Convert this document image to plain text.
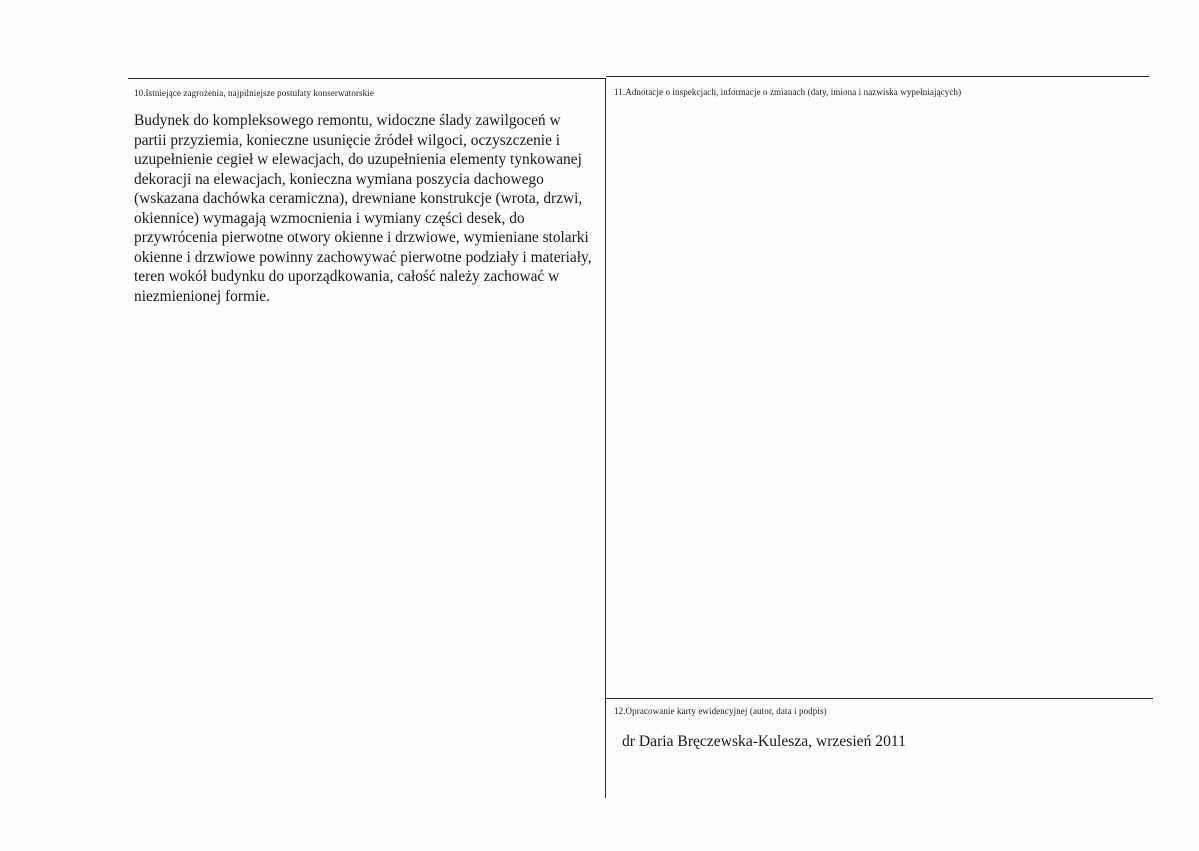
10.Istniejące zagrożenia, najpilniejsze postulaty konserwatorskie
Budynek do kompleksowego remontu, widoczne ślady zawilgoceń w partii przyziemia, konieczne usunięcie źródeł wilgoci, oczyszczenie i uzupełnienie cegieł w elewacjach, do uzupełnienia elementy tynkowanej dekoracji na elewacjach, konieczna wymiana poszycia dachowego (wskazana dachówka ceramiczna), drewniane konstrukcje (wrota, drzwi, okiennice) wymagają wzmocnienia i wymiany części desek, do przywrócenia pierwotne otwory okienne i drzwiowe, wymieniane stolarki okienne i drzwiowe powinny zachowywać pierwotne podziały i materiały, teren wokół budynku do uporządkowania, całość należy zachować w niezmienionej formie.
11.Adnotacje o inspekcjach, informacje o zmianach (daty, imiona i nazwiska wypełniających)
12.Opracowanie karty ewidencyjnej (autor, data i podpis)
dr Daria Bręczewska-Kulesza, wrzesień 2011
